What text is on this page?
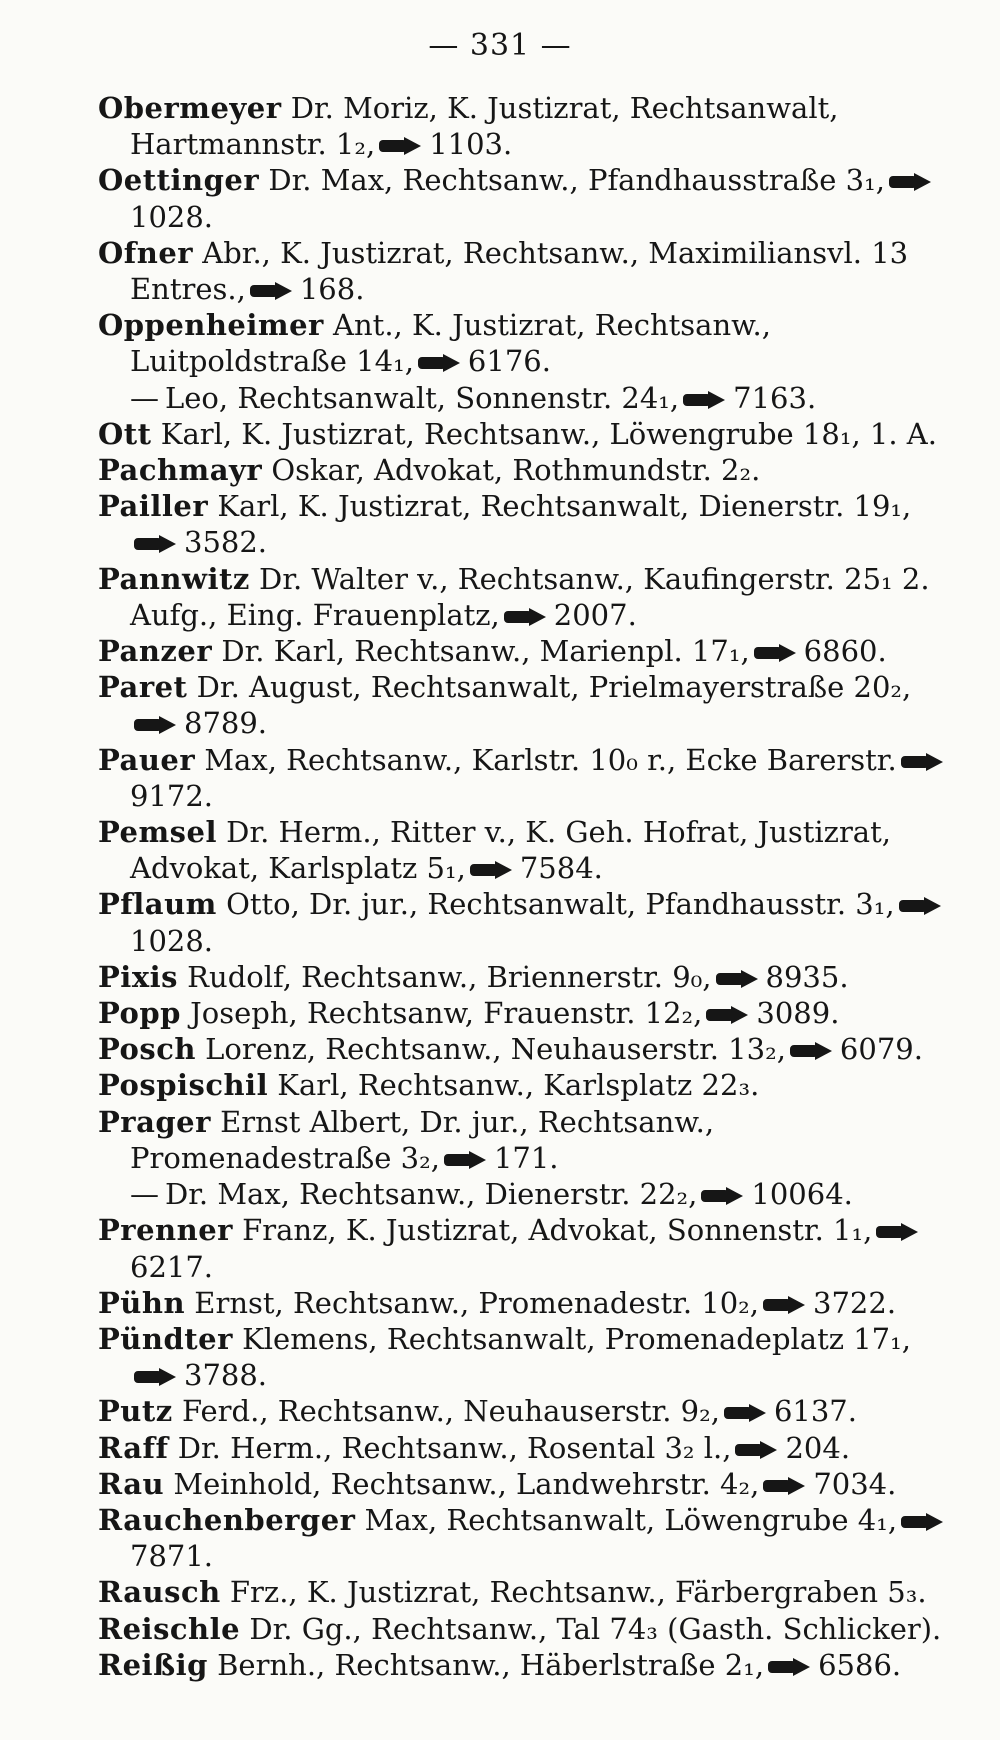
— 331 —
Obermeyer Dr. Moriz, K. Justizrat, Rechtsanwalt, Hartmannstr. 1₂, 1103.
Oettinger Dr. Max, Rechtsanw., Pfandhausstraße 3₁,
1028.
Ofner Abr., K. Justizrat, Rechtsanw., Maximiliansvl. 13 Entres., 168.
Oppenheimer Ant., K. Justizrat, Rechtsanw., Luitpoldstraße 14₁, 6176.
— Leo, Rechtsanwalt, Sonnenstr. 24₁, 7163.
Ott Karl, K. Justizrat, Rechtsanw., Löwengrube 18₁, 1. A.
Pachmayr Oskar, Advokat, Rothmundstr. 2₂.
Pailler Karl, K. Justizrat, Rechtsanwalt, Dienerstr. 19₁,
3582.
Pannwitz Dr. Walter v., Rechtsanw., Kaufingerstr. 25₁ 2. Aufg., Eing. Frauenplatz, 2007.
Panzer Dr. Karl, Rechtsanw., Marienpl. 17₁, 6860.
Paret Dr. August, Rechtsanwalt, Prielmayerstraße 20₂,
8789.
Pauer Max, Rechtsanw., Karlstr. 10₀ r., Ecke Barerstr.
9172.
Pemsel Dr. Herm., Ritter v., K. Geh. Hofrat, Justizrat, Advokat, Karlsplatz 5₁, 7584.
Pflaum Otto, Dr. jur., Rechtsanwalt, Pfandhausstr. 3₁,
1028.
Pixis Rudolf, Rechtsanw., Briennerstr. 9₀, 8935.
Popp Joseph, Rechtsanw, Frauenstr. 12₂, 3089.
Posch Lorenz, Rechtsanw., Neuhauserstr. 13₂, 6079.
Pospischil Karl, Rechtsanw., Karlsplatz 22₃.
Prager Ernst Albert, Dr. jur., Rechtsanw., Promenadestraße 3₂, 171.
— Dr. Max, Rechtsanw., Dienerstr. 22₂, 10064.
Prenner Franz, K. Justizrat, Advokat, Sonnenstr. 1₁,
6217.
Pühn Ernst, Rechtsanw., Promenadestr. 10₂, 3722.
Pündter Klemens, Rechtsanwalt, Promenadeplatz 17₁,
3788.
Putz Ferd., Rechtsanw., Neuhauserstr. 9₂, 6137.
Raff Dr. Herm., Rechtsanw., Rosental 3₂ l., 204.
Rau Meinhold, Rechtsanw., Landwehrstr. 4₂, 7034.
Rauchenberger Max, Rechtsanwalt, Löwengrube 4₁,
7871.
Rausch Frz., K. Justizrat, Rechtsanw., Färbergraben 5₃.
Reischle Dr. Gg., Rechtsanw., Tal 74₃ (Gasth. Schlicker).
Reißig Bernh., Rechtsanw., Häberlstraße 2₁, 6586.
